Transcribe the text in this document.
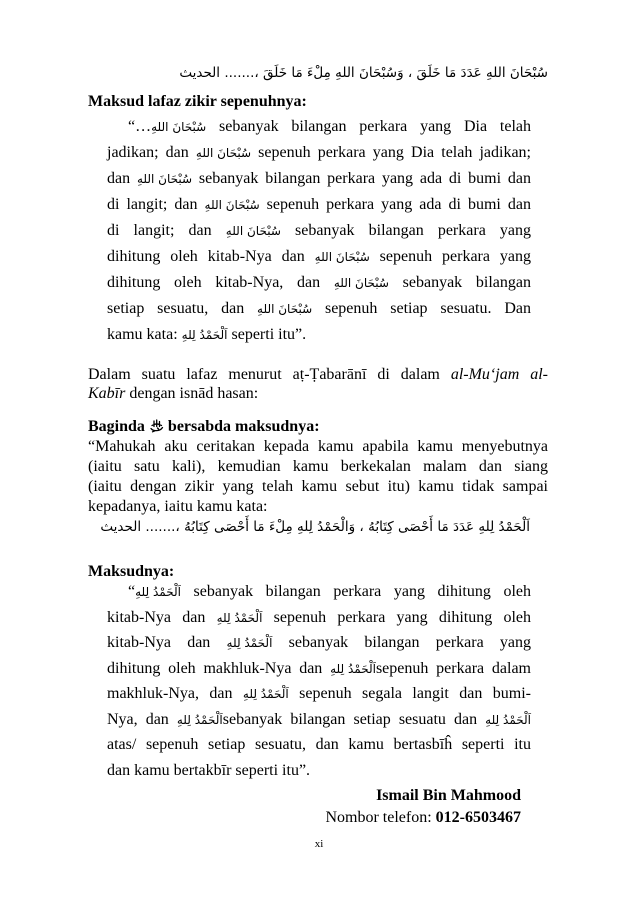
سُبْحَانَ اللهِ عَدَدَ مَا خَلَقَ ، وَسُبْحَانَ اللهِ مِلْءَ مَا خَلَقَ ،....... الحديث
Maksud lafaz zikir sepenuhnya:
“…سُبْحَانَ اللهِ sebanyak bilangan perkara yang Dia telah
jadikan; dan سُبْحَانَ اللهِ sepenuh perkara yang Dia telah jadikan;
dan سُبْحَانَ اللهِ sebanyak bilangan perkara yang ada di bumi dan
di langit; dan سُبْحَانَ اللهِ sepenuh perkara yang ada di bumi dan
di langit; dan سُبْحَانَ اللهِ sebanyak bilangan perkara yang
dihitung oleh kitab-Nya dan سُبْحَانَ اللهِ sepenuh perkara yang
dihitung oleh kitab-Nya, dan سُبْحَانَ اللهِ sebanyak bilangan
setiap sesuatu, dan سُبْحَانَ اللهِ sepenuh setiap sesuatu. Dan
kamu kata: اَلْحَمْدُ لِلهِ seperti itu”.
Dalam suatu lafaz menurut aṭ-Ṭabarānī di dalam al-Mu‘jam al-
Kabīr dengan isnād hasan:
Baginda bersabda maksudnya:
“Mahukah aku ceritakan kepada kamu apabila kamu menyebutnya
(iaitu satu kali), kemudian kamu berkekalan malam dan siang
(iaitu dengan zikir yang telah kamu sebut itu) kamu tidak sampai
kepadanya, iaitu kamu kata:
اَلْحَمْدُ لِلهِ عَدَدَ مَا أَحْصَى كِتَابُهُ ، وَالْحَمْدُ لِلهِ مِلْءَ مَا أَحْصَى كِتَابُهُ ،....... الحديث
Maksudnya:
“اَلْحَمْدُ لِلهِ sebanyak bilangan perkara yang dihitung oleh
kitab-Nya dan اَلْحَمْدُ لِلهِ sepenuh perkara yang dihitung oleh
kitab-Nya dan اَلْحَمْدُ لِلهِ sebanyak bilangan perkara yang
dihitung oleh makhluk-Nya dan اَلْحَمْدُ لِلهِsepenuh perkara dalam
makhluk-Nya, dan اَلْحَمْدُ لِلهِ sepenuh segala langit dan bumi-
Nya, dan اَلْحَمْدُ لِلهِsebanyak bilangan setiap sesuatu dan اَلْحَمْدُ لِلهِ
atas/ sepenuh setiap sesuatu, dan kamu bertasbīĥ seperti itu
dan kamu bertakbīr seperti itu”.
Ismail Bin Mahmood
Nombor telefon: 012-6503467
xi
